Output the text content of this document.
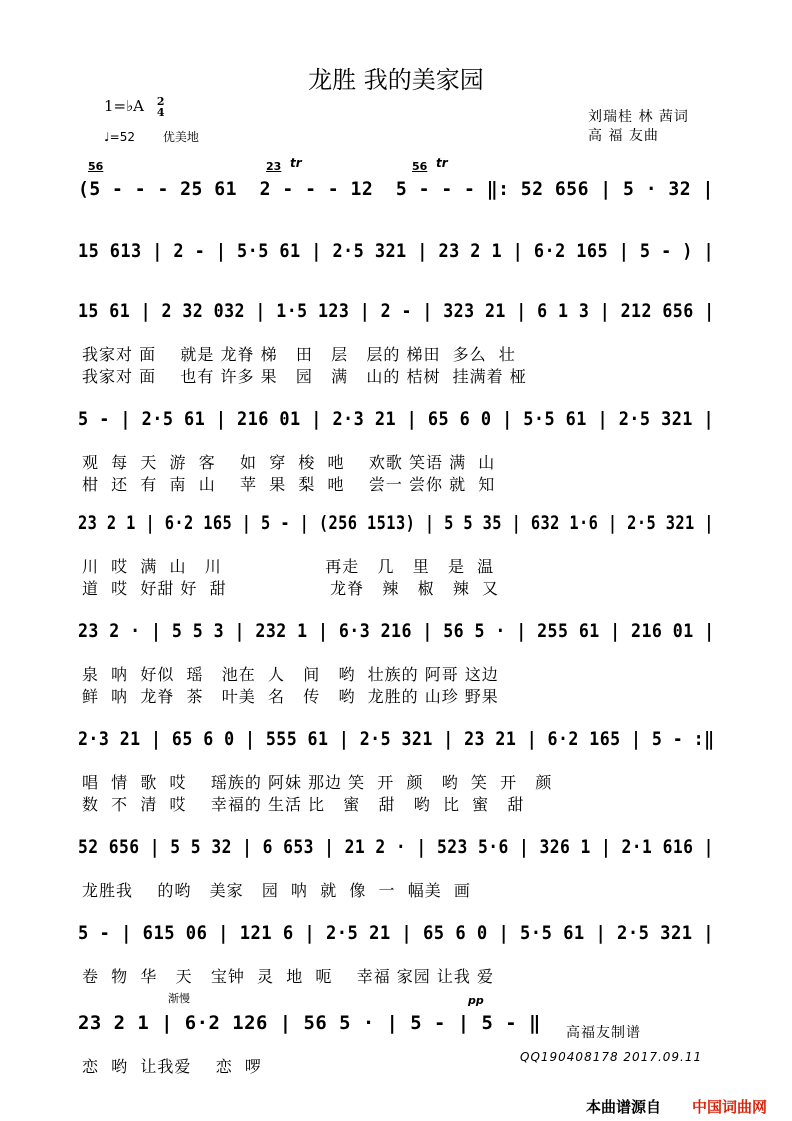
龙胜 我的美家园
1=♭A 2
4
♩=52 优美地
刘瑞桂 林 茜词
高 福 友曲
56	23	56
tr	tr
渐慢	pp
(5 - - - 25 61  2 - - - 12  5 - - - ‖: 52 656 | 5 · 32 |
15 613 | 2 - | 5·5 61 | 2·5 321 | 23 2 1 | 6·2 165 | 5 - ) |
15 61 | 2 32 032 | 1·5 123 | 2 - | 323 21 | 6 1 3 | 212 656 |
我家对 面    就是 龙脊 梯   田   层   层的 梯田  多么  壮
我家对 面    也有 许多 果   园   满   山的 桔树  挂满着 桠
5 - | 2·5 61 | 216 01 | 2·3 21 | 65 6 0 | 5·5 61 | 2·5 321 |
观  每  天  游  客    如  穿  梭  吔    欢歌 笑语 满  山
柑  还  有  南  山    苹  果  梨  吔    尝一 尝你 就  知
23 2 1 | 6·2 165 | 5 - | (256 1513) | 5 5 35 | 632 1·6 | 2·5 321 |
川  哎  满  山   川                 再走   几   里   是  温
道  哎  好甜 好  甜                 龙脊   辣   椒   辣  又
23 2 · | 5 5 3 | 232 1 | 6·3 216 | 56 5 · | 255 61 | 216 01 |
泉  呐  好似  瑶   池在  人   间   哟  壮族的 阿哥 这边
鲜  呐  龙脊  茶   叶美  名   传   哟  龙胜的 山珍 野果
2·3 21 | 65 6 0 | 555 61 | 2·5 321 | 23 21 | 6·2 165 | 5 - :‖
唱  情  歌  哎    瑶族的 阿妹 那边 笑  开  颜   哟  笑  开   颜
数  不  清  哎    幸福的 生活 比   蜜   甜   哟  比  蜜   甜
52 656 | 5 5 32 | 6 653 | 21 2 · | 523 5·6 | 326 1 | 2·1 616 |
龙胜我    的哟   美家   园  呐  就  像  一  幅美  画
5 - | 615 06 | 121 6 | 2·5 21 | 65 6 0 | 5·5 61 | 2·5 321 |
卷  物  华   天   宝钟  灵  地  呃    幸福 家园 让我 爱
23 2 1 | 6·2 126 | 56 5 · | 5 - | 5 - ‖
恋  哟  让我爱    恋  啰
高福友制谱
QQ190408178 2017.09.11
本曲谱源自 中国词曲网
